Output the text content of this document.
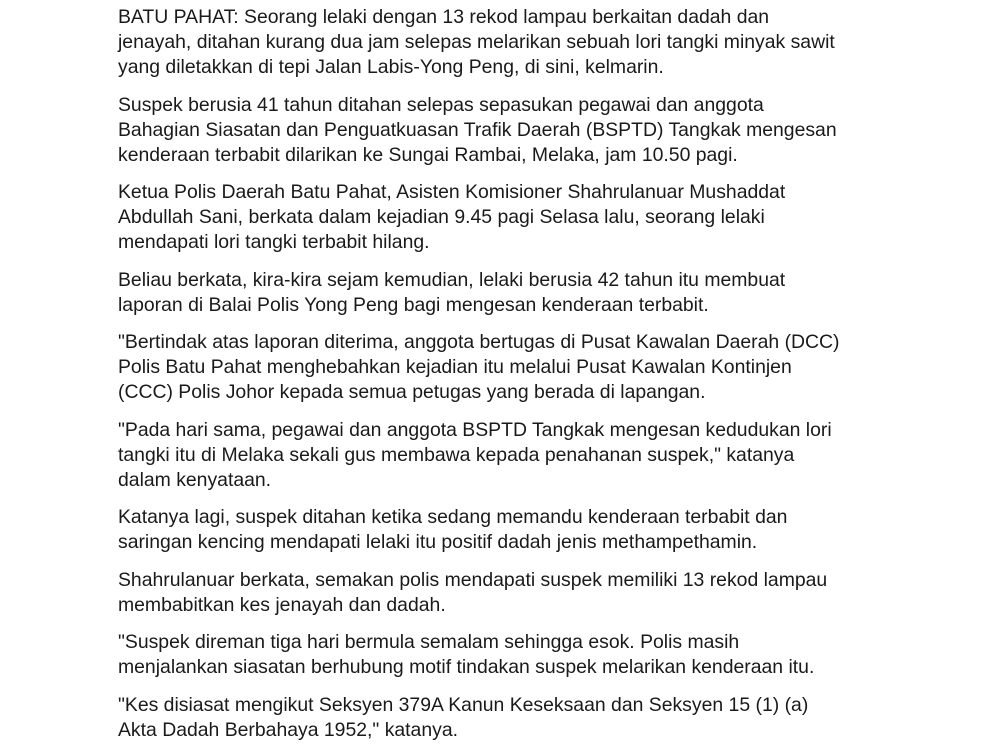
BATU PAHAT: Seorang lelaki dengan 13 rekod lampau berkaitan dadah dan
jenayah, ditahan kurang dua jam selepas melarikan sebuah lori tangki minyak sawit
yang diletakkan di tepi Jalan Labis-Yong Peng, di sini, kelmarin.

Suspek berusia 41 tahun ditahan selepas sepasukan pegawai dan anggota
Bahagian Siasatan dan Penguatkuasan Trafik Daerah (BSPTD) Tangkak mengesan
kenderaan terbabit dilarikan ke Sungai Rambai, Melaka, jam 10.50 pagi.

Ketua Polis Daerah Batu Pahat, Asisten Komisioner Shahrulanuar Mushaddat
Abdullah Sani, berkata dalam kejadian 9.45 pagi Selasa lalu, seorang lelaki
mendapati lori tangki terbabit hilang.

Beliau berkata, kira-kira sejam kemudian, lelaki berusia 42 tahun itu membuat
laporan di Balai Polis Yong Peng bagi mengesan kenderaan terbabit.

"Bertindak atas laporan diterima, anggota bertugas di Pusat Kawalan Daerah (DCC)
Polis Batu Pahat menghebahkan kejadian itu melalui Pusat Kawalan Kontinjen
(CCC) Polis Johor kepada semua petugas yang berada di lapangan.

"Pada hari sama, pegawai dan anggota BSPTD Tangkak mengesan kedudukan lori
tangki itu di Melaka sekali gus membawa kepada penahanan suspek," katanya
dalam kenyataan.

Katanya lagi, suspek ditahan ketika sedang memandu kenderaan terbabit dan
saringan kencing mendapati lelaki itu positif dadah jenis methampethamin.

Shahrulanuar berkata, semakan polis mendapati suspek memiliki 13 rekod lampau
membabitkan kes jenayah dan dadah.

"Suspek direman tiga hari bermula semalam sehingga esok. Polis masih
menjalankan siasatan berhubung motif tindakan suspek melarikan kenderaan itu.

"Kes disiasat mengikut Seksyen 379A Kanun Keseksaan dan Seksyen 15 (1) (a)
Akta Dadah Berbahaya 1952," katanya.
